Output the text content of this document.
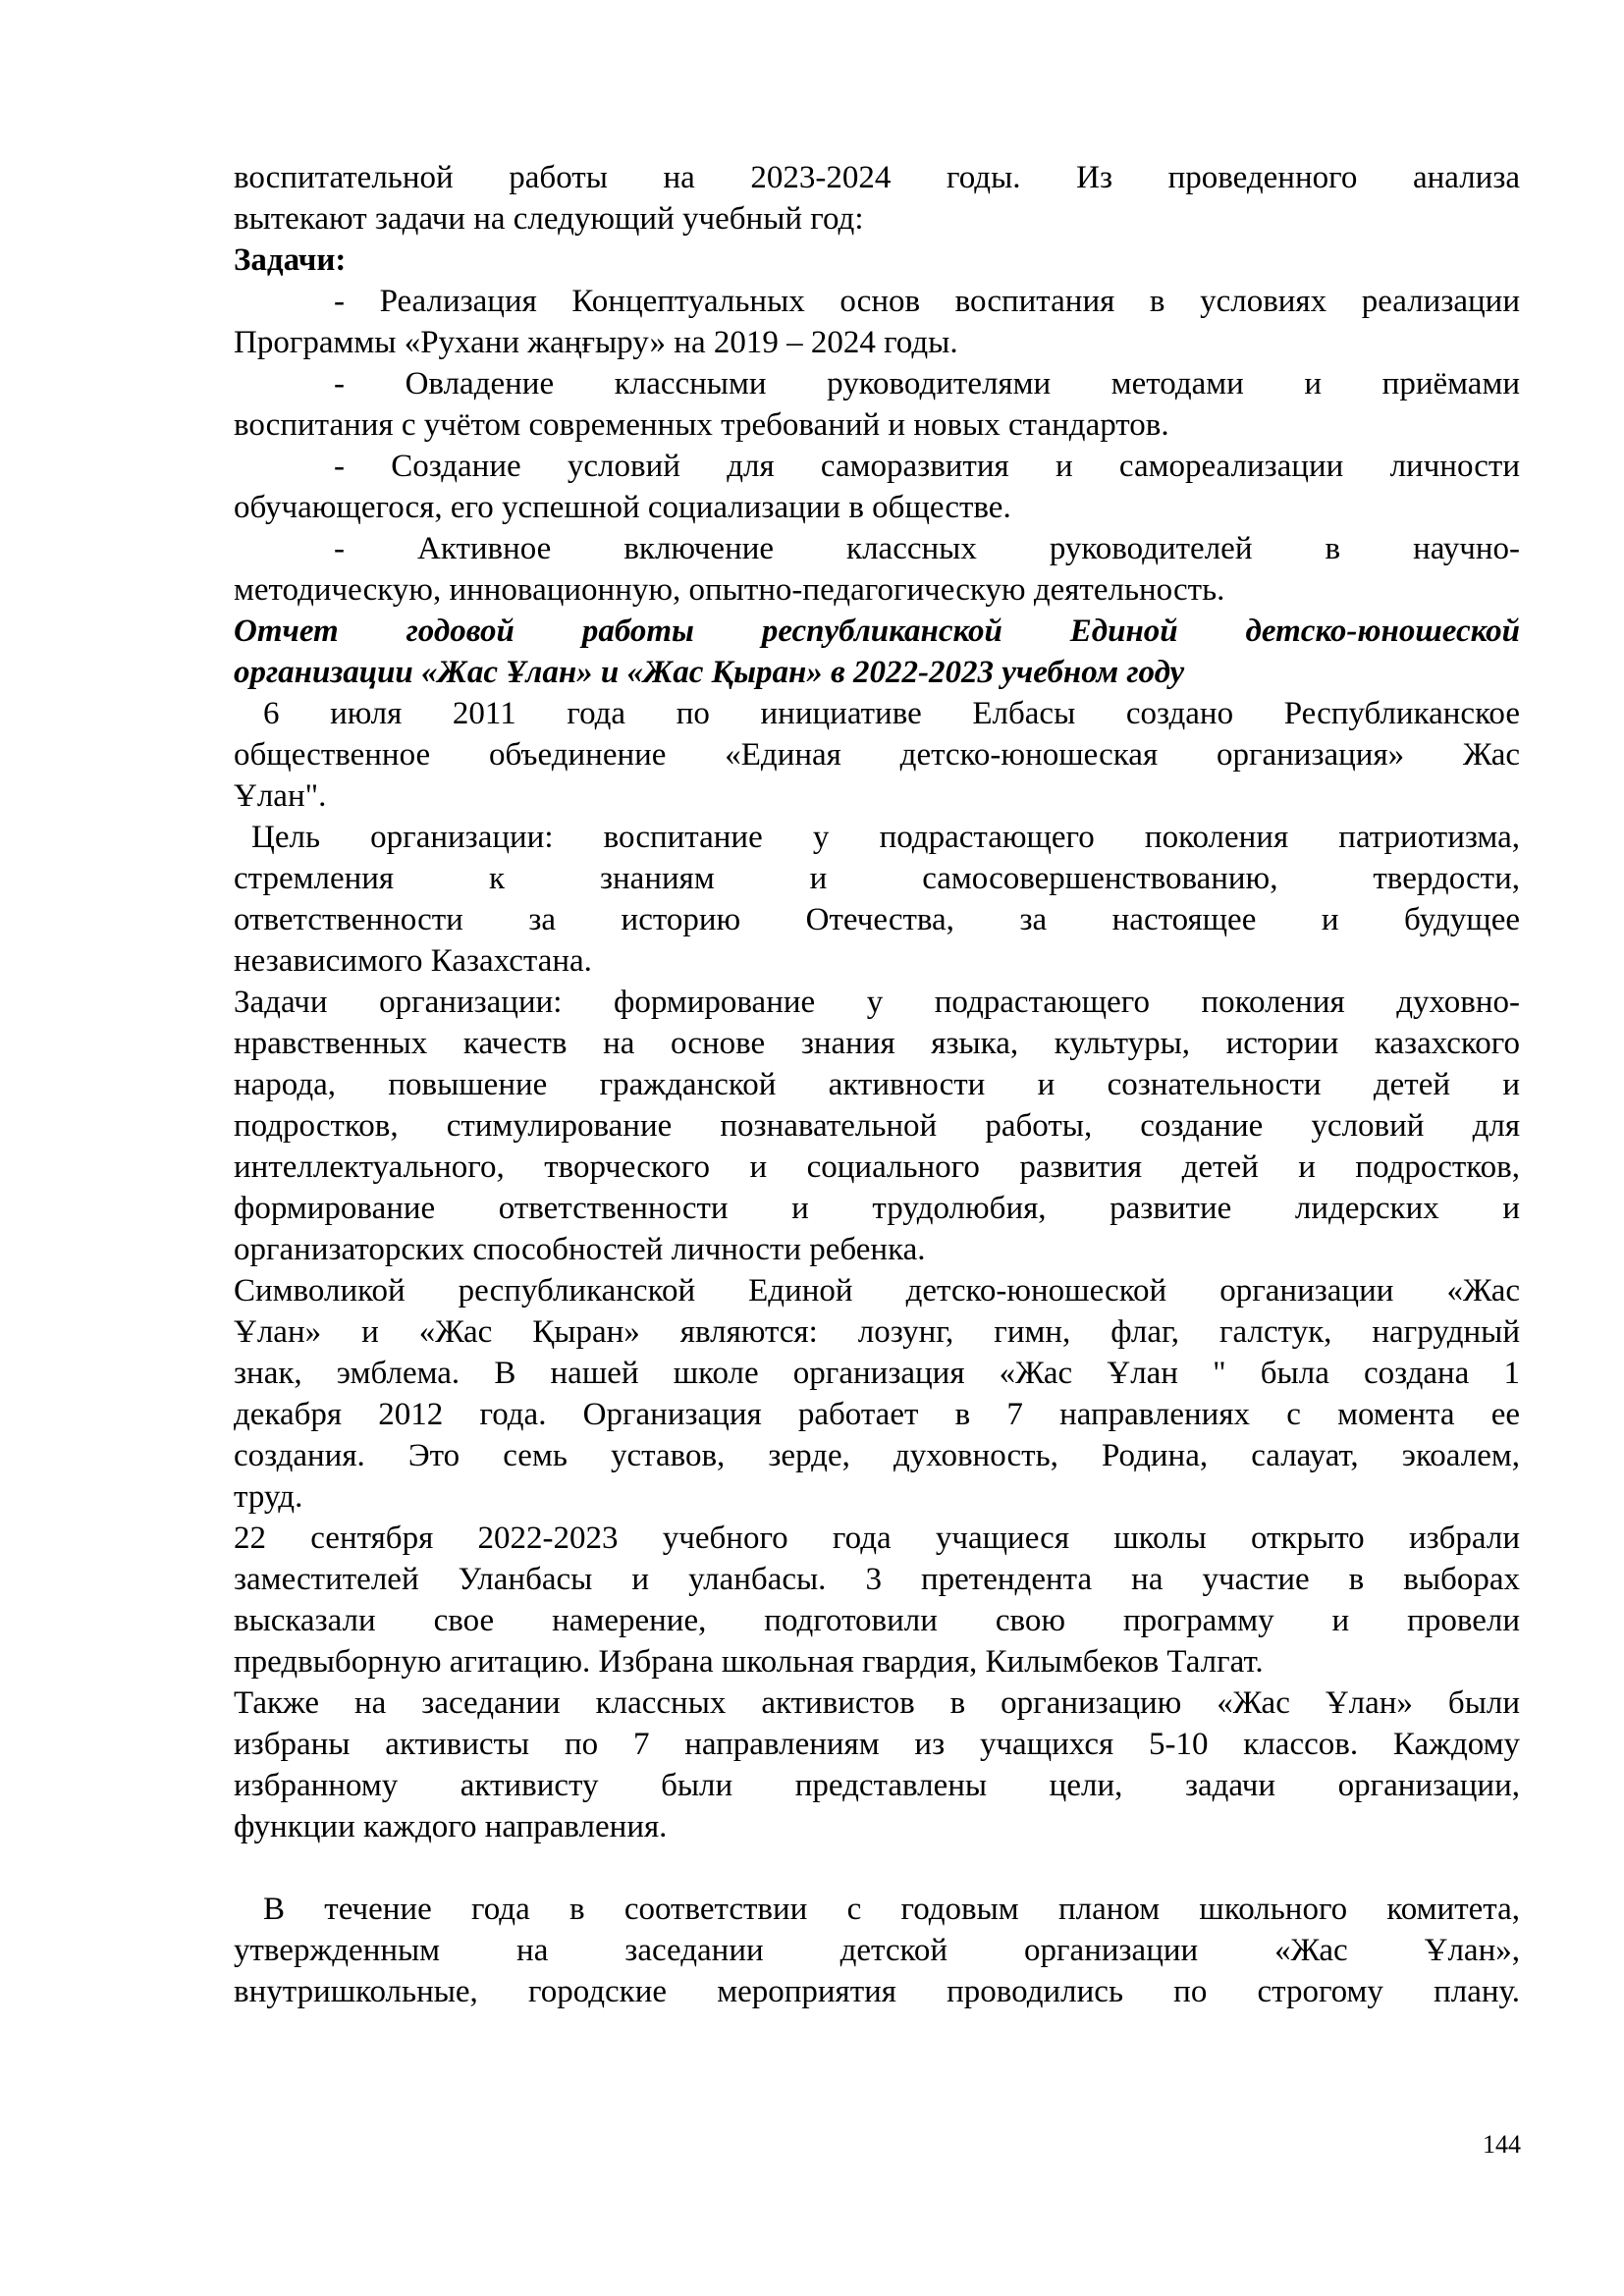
воспитательной работы на 2023-2024 годы. Из проведенного анализа
вытекают задачи на следующий учебный год:
Задачи:
- Реализация Концептуальных основ воспитания в условиях реализации
Программы «Рухани жаңғыру» на 2019 – 2024 годы.
- Овладение классными руководителями методами и приёмами
воспитания с учётом современных требований и новых стандартов.
- Создание условий для саморазвития и самореализации личности
обучающегося, его успешной социализации в обществе.
- Активное включение классных руководителей в научно-
методическую, инновационную, опытно-педагогическую деятельность.
Отчет годовой работы республиканской Единой детско-юношеской
организации «Жас Ұлан» и «Жас Қыран» в 2022-2023 учебном году
6 июля 2011 года по инициативе Елбасы создано Республиканское
общественное объединение «Единая детско-юношеская организация» Жас
Ұлан".
Цель организации: воспитание у подрастающего поколения патриотизма,
стремления к знаниям и самосовершенствованию, твердости,
ответственности за историю Отечества, за настоящее и будущее
независимого Казахстана.
Задачи организации: формирование у подрастающего поколения духовно-
нравственных качеств на основе знания языка, культуры, истории казахского
народа, повышение гражданской активности и сознательности детей и
подростков, стимулирование познавательной работы, создание условий для
интеллектуального, творческого и социального развития детей и подростков,
формирование ответственности и трудолюбия, развитие лидерских и
организаторских способностей личности ребенка.
Символикой республиканской Единой детско-юношеской организации «Жас
Ұлан» и «Жас Қыран» являются: лозунг, гимн, флаг, галстук, нагрудный
знак, эмблема. В нашей школе организация «Жас Ұлан " была создана 1
декабря 2012 года. Организация работает в 7 направлениях с момента ее
создания. Это семь уставов, зерде, духовность, Родина, салауат, экоалем,
труд.
22 сентября 2022-2023 учебного года учащиеся школы открыто избрали
заместителей Уланбасы и уланбасы. 3 претендента на участие в выборах
высказали свое намерение, подготовили свою программу и провели
предвыборную агитацию. Избрана школьная гвардия, Килымбеков Талгат.
Также на заседании классных активистов в организацию «Жас Ұлан» были
избраны активисты по 7 направлениям из учащихся 5-10 классов. Каждому
избранному активисту были представлены цели, задачи организации,
функции каждого направления.
В течение года в соответствии с годовым планом школьного комитета,
утвержденным на заседании детской организации «Жас Ұлан»,
внутришкольные, городские мероприятия проводились по строгому плану.
144
